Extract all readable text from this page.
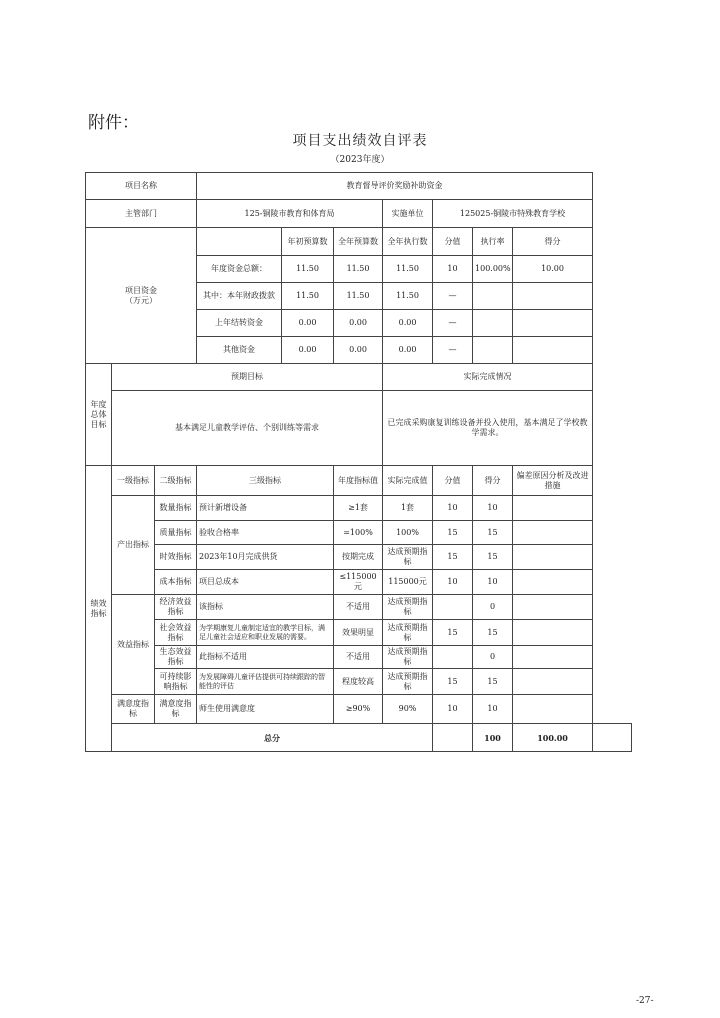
附件：
项目支出绩效自评表
（2023年度）
项目名称			教育督导评价奖励补助资金							
主管部门			125-铜陵市教育和体育局			实施单位	125025-铜陵市特殊教育学校			
项目资金
（万元）				年初预算数	全年预算数	全年执行数	分值	执行率	得分	
			年度资金总额：	11.50	11.50	11.50	10	100.00%	10.00	
			其中：本年财政拨款	11.50	11.50	11.50	—			
			上年结转资金	0.00	0.00	0.00	—			
			其他资金	0.00	0.00	0.00	—			
年度总体目标	预期目标					实际完成情况				
	基本满足儿童教学评估、个别训练等需求					已完成采购康复训练设备并投入使用，基本满足了学校教学需求。				
绩效指标	一级指标	二级指标	三级指标		年度指标值	实际完成值	分值	得分	偏差原因分析及改进措施	
	产出指标	数量指标	预计新增设备		≥1套	1套	10	10		
		质量指标	验收合格率		=100%	100%	15	15		
		时效指标	2023年10月完成供货		按期完成	达成预期指标	15	15		
		成本指标	项目总成本		≤115000元	115000元	10	10		
	效益指标	经济效益指标	该指标		不适用	达成预期指标		0		
		社会效益指标	为学期康复儿童制定适宜的教学目标，满足儿童社会适应和职业发展的需要。		效果明显	达成预期指标	15	15		
		生态效益指标	此指标不适用		不适用	达成预期指标		0		
		可持续影响指标	为发展障碍儿童评估提供可持续跟踪的智能性的评估		程度较高	达成预期指标	15	15		
	满意度指标	满意度指标	师生使用满意度		≥90%	90%	10	10		
	总分							100	100.00	
-27-
